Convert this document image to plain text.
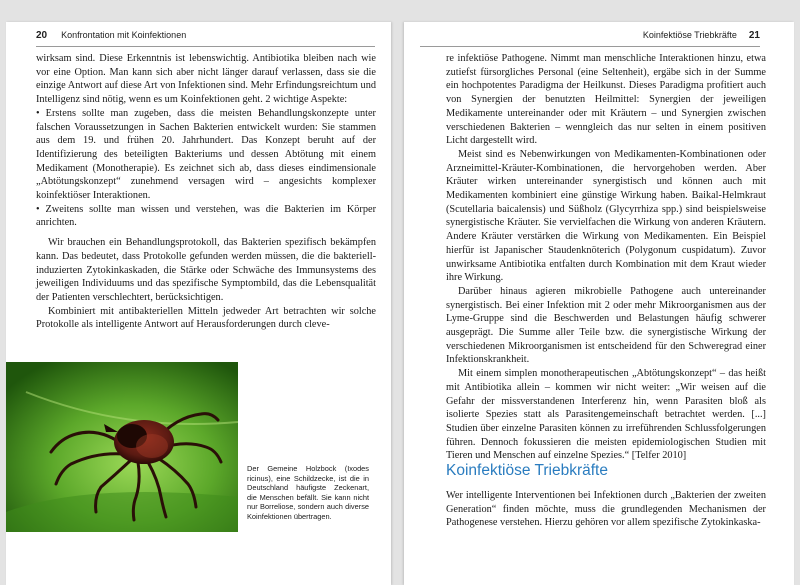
20 Konfrontation mit Koinfektionen

wirksam sind. Diese Erkenntnis ist lebenswichtig. Antibiotika bleiben nach wie vor eine Option. Man kann sich aber nicht länger darauf verlassen, dass sie die einzige Antwort auf diese Art von Infektionen sind. Mehr Erfindungsreichtum und Intelligenz sind nötig, wenn es um Koinfektionen geht. 2 wichtige Aspekte:

• Erstens sollte man zugeben, dass die meisten Behandlungskonzepte unter falschen Voraussetzungen in Sachen Bakterien entwickelt wurden: Sie stammen aus dem 19. und frühen 20. Jahrhundert. Das Konzept beruht auf der Identifizierung des beteiligten Bakteriums und dessen Abtötung mit einem Medikament (Monotherapie). Es zeichnet sich ab, dass dieses eindimensionale „Abtötungskonzept“ zunehmend versagen wird – angesichts komplexer koinfektiöser Interaktionen.

• Zweitens sollte man wissen und verstehen, was die Bakterien im Körper anrichten.

Wir brauchen ein Behandlungsprotokoll, das Bakterien spezifisch bekämpfen kann. Das bedeutet, dass Protokolle gefunden werden müssen, die die bakteriell-induzierten Zytokinkaskaden, die Stärke oder Schwäche des Immunsystems des jeweiligen Individuums und das spezifische Symptombild, das die Lebensqualität der Patienten verschlechtert, berücksichtigen.

Kombiniert mit antibakteriellen Mitteln jedweder Art betrachten wir solche Protokolle als intelligente Antwort auf Herausforderungen durch cleve-

Der Gemeine Holzbock (Ixodes ricinus), eine Schildzecke, ist die in Deutschland häufigste Zeckenart, die Menschen befällt. Sie kann nicht nur Borreliose, sondern auch diverse Koinfektionen übertragen.
Koinfektiöse Triebkräfte 21

re infektiöse Pathogene. Nimmt man menschliche Interaktionen hinzu, etwa zutiefst fürsorgliches Personal (eine Seltenheit), ergäbe sich in der Summe ein hochpotentes Paradigma der Heilkunst. Dieses Paradigma profitiert auch von Synergien der benutzten Heilmittel: Synergien der jeweiligen Medikamente untereinander oder mit Kräutern – und Synergien zwischen verschiedenen Bakterien – wenngleich das nur selten in einem positiven Licht dargestellt wird.

Meist sind es Nebenwirkungen von Medikamenten-Kombinationen oder Arzneimittel-Kräuter-Kombinationen, die hervorgehoben werden. Aber Kräuter wirken untereinander synergistisch und können auch mit Medikamenten kombiniert eine günstige Wirkung haben. Baikal-Helmkraut (Scutellaria baicalensis) und Süßholz (Glycyrrhiza spp.) sind beispielsweise synergistische Kräuter. Sie vervielfachen die Wirkung von anderen Kräutern. Andere Kräuter verstärken die Wirkung von Medikamenten. Ein Beispiel hierfür ist Japanischer Staudenknöterich (Polygonum cuspidatum). Zuvor unwirksame Antibiotika entfalten durch Kombination mit dem Kraut wieder ihre Wirkung.

Darüber hinaus agieren mikrobielle Pathogene auch untereinander synergistisch. Bei einer Infektion mit 2 oder mehr Mikroorganismen aus der Lyme-Gruppe sind die Beschwerden und Belastungen häufig schwerer ausgeprägt. Die Summe aller Teile bzw. die synergistische Wirkung der verschiedenen Mikroorganismen ist entscheidend für den Schweregrad einer Infektionskrankheit.

Mit einem simplen monotherapeutischen „Abtötungskonzept“ – das heißt mit Antibiotika allein – kommen wir nicht weiter: „Wir weisen auf die Gefahr der missverstandenen Interferenz hin, wenn Parasiten bloß als isolierte Spezies statt als Parasitengemeinschaft betrachtet werden. [...] Studien über einzelne Parasiten können zu irreführenden Schlussfolgerungen führen. Dennoch fokussieren die meisten epidemiologischen Studien mit Tieren und Menschen auf einzelne Spezies.“ [Telfer 2010]

Koinfektiöse Triebkräfte

Wer intelligente Interventionen bei Infektionen durch „Bakterien der zweiten Generation“ finden möchte, muss die grundlegenden Mechanismen der Pathogenese verstehen. Hierzu gehören vor allem spezifische Zytokinkaska-
